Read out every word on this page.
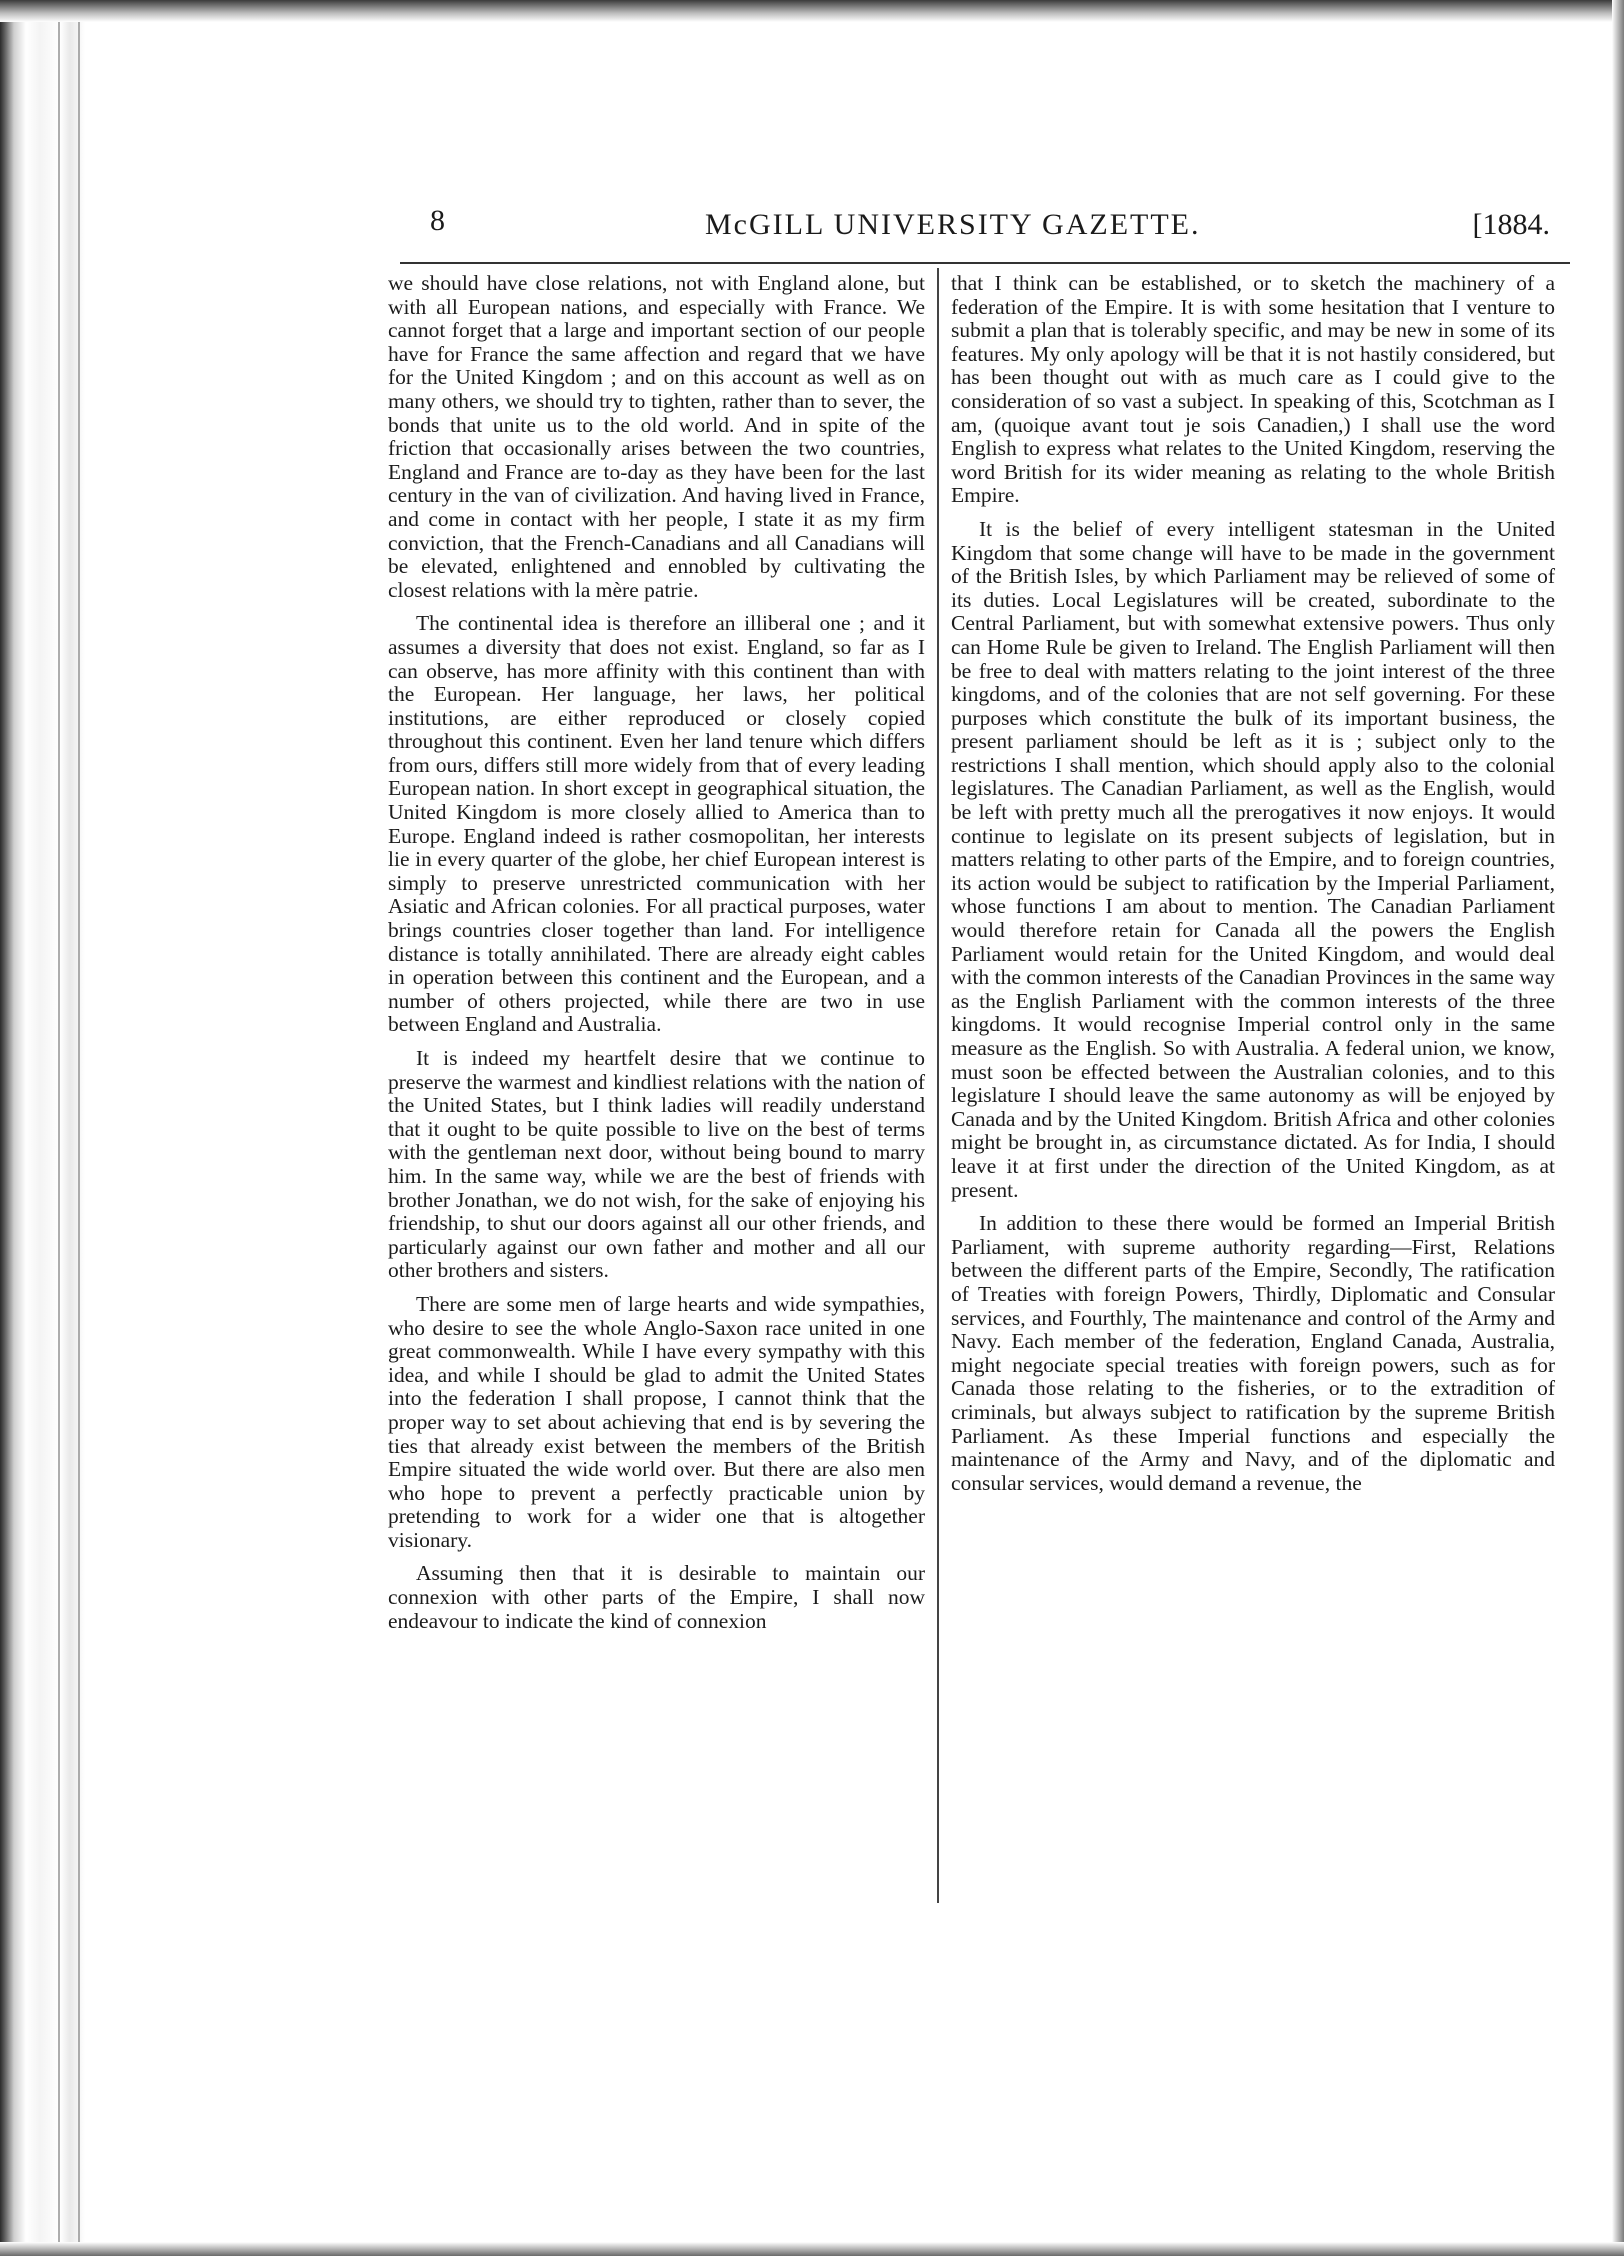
8	McGILL UNIVERSITY GAZETTE.	[1884.

we should have close relations, not with England alone, but with all European nations, and especially with France. We cannot forget that a large and important section of our people have for France the same affection and regard that we have for the United Kingdom ; and on this account as well as on many others, we should try to tighten, rather than to sever, the bonds that unite us to the old world. And in spite of the friction that occasionally arises between the two countries, England and France are to-day as they have been for the last century in the van of civilization. And having lived in France, and come in contact with her people, I state it as my firm conviction, that the French-Canadians and all Canadians will be elevated, enlightened and ennobled by cultivating the closest relations with la mère patrie.

The continental idea is therefore an illiberal one ; and it assumes a diversity that does not exist. England, so far as I can observe, has more affinity with this continent than with the European. Her language, her laws, her political institutions, are either reproduced or closely copied throughout this continent. Even her land tenure which differs from ours, differs still more widely from that of every leading European nation. In short except in geographical situation, the United Kingdom is more closely allied to America than to Europe. England indeed is rather cosmopolitan, her interests lie in every quarter of the globe, her chief European interest is simply to preserve unrestricted communication with her Asiatic and African colonies. For all practical purposes, water brings countries closer together than land. For intelligence distance is totally annihilated. There are already eight cables in operation between this continent and the European, and a number of others projected, while there are two in use between England and Australia.

It is indeed my heartfelt desire that we continue to preserve the warmest and kindliest relations with the nation of the United States, but I think ladies will readily understand that it ought to be quite possible to live on the best of terms with the gentleman next door, without being bound to marry him. In the same way, while we are the best of friends with brother Jonathan, we do not wish, for the sake of enjoying his friendship, to shut our doors against all our other friends, and particularly against our own father and mother and all our other brothers and sisters.

There are some men of large hearts and wide sympathies, who desire to see the whole Anglo-Saxon race united in one great commonwealth. While I have every sympathy with this idea, and while I should be glad to admit the United States into the federation I shall propose, I cannot think that the proper way to set about achieving that end is by severing the ties that already exist between the members of the British Empire situated the wide world over. But there are also men who hope to prevent a perfectly practicable union by pretending to work for a wider one that is altogether visionary.

Assuming then that it is desirable to maintain our connexion with other parts of the Empire, I shall now endeavour to indicate the kind of connexion

that I think can be established, or to sketch the machinery of a federation of the Empire. It is with some hesitation that I venture to submit a plan that is tolerably specific, and may be new in some of its features. My only apology will be that it is not hastily considered, but has been thought out with as much care as I could give to the consideration of so vast a subject. In speaking of this, Scotchman as I am, (quoique avant tout je sois Canadien,) I shall use the word English to express what relates to the United Kingdom, reserving the word British for its wider meaning as relating to the whole British Empire.

It is the belief of every intelligent statesman in the United Kingdom that some change will have to be made in the government of the British Isles, by which Parliament may be relieved of some of its duties. Local Legislatures will be created, subordinate to the Central Parliament, but with somewhat extensive powers. Thus only can Home Rule be given to Ireland. The English Parliament will then be free to deal with matters relating to the joint interest of the three kingdoms, and of the colonies that are not self governing. For these purposes which constitute the bulk of its important business, the present parliament should be left as it is ; subject only to the restrictions I shall mention, which should apply also to the colonial legislatures. The Canadian Parliament, as well as the English, would be left with pretty much all the prerogatives it now enjoys. It would continue to legislate on its present subjects of legislation, but in matters relating to other parts of the Empire, and to foreign countries, its action would be subject to ratification by the Imperial Parliament, whose functions I am about to mention. The Canadian Parliament would therefore retain for Canada all the powers the English Parliament would retain for the United Kingdom, and would deal with the common interests of the Canadian Provinces in the same way as the English Parliament with the common interests of the three kingdoms. It would recognise Imperial control only in the same measure as the English. So with Australia. A federal union, we know, must soon be effected between the Australian colonies, and to this legislature I should leave the same autonomy as will be enjoyed by Canada and by the United Kingdom. British Africa and other colonies might be brought in, as circumstance dictated. As for India, I should leave it at first under the direction of the United Kingdom, as at present.

In addition to these there would be formed an Imperial British Parliament, with supreme authority regarding—First, Relations between the different parts of the Empire, Secondly, The ratification of Treaties with foreign Powers, Thirdly, Diplomatic and Consular services, and Fourthly, The maintenance and control of the Army and Navy. Each member of the federation, England Canada, Australia, might negociate special treaties with foreign powers, such as for Canada those relating to the fisheries, or to the extradition of criminals, but always subject to ratification by the supreme British Parliament. As these Imperial functions and especially the maintenance of the Army and Navy, and of the diplomatic and consular services, would demand a revenue, the
